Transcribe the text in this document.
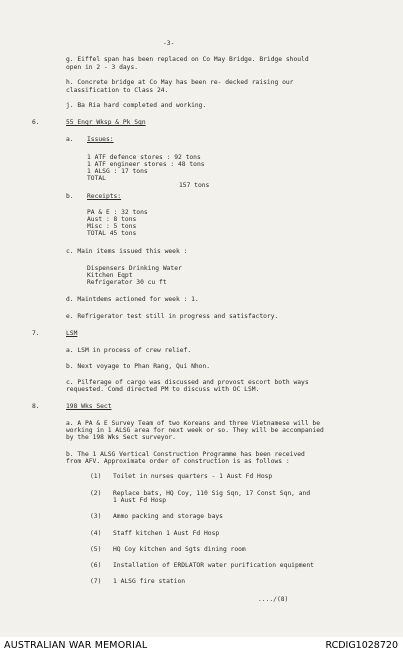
-3-
g. Eiffel span has been replaced on Co May Bridge. Bridge should
open in 2 - 3 days.
h. Concrete bridge at Co May has been re- decked raising our
classification to Class 24.
j. Ba Ria hard completed and working.
6.	55 Engr Wksp & Pk Sqn
a. Issues:
1 ATF defence stores : 92 tons
1 ATF engineer stores : 48 tons
1 ALSG : 17 tons
TOTAL
157 tons
b. Receipts:
PA & E : 32 tons
Aust : 8 tons
Misc : 5 tons
TOTAL 45 tons
c. Main items issued this week :
Dispensers Drinking Water
Kitchen Eqpt
Refrigerator 30 cu ft
d. Maintdems actioned for week : 1.
e. Refrigerator test still in progress and satisfactory.
7.	LSM
a. LSM in process of crew relief.
b. Next voyage to Phan Rang, Qui Nhon.
c. Pilferage of cargo was discussed and provost escort both ways
requested. Comd directed PM to discuss with OC LSM.
8.	198 Wks Sect
a. A PA & E Survey Team of two Koreans and three Vietnamese will be
working in 1 ALSG area for next week or so. They will be accompanied
by the 198 Wks Sect surveyor.
b. The 1 ALSG Vertical Construction Programme has been received
from AFV. Approximate order of construction is as follows :
(1) Toilet in nurses quarters - 1 Aust Fd Hosp
(2) Replace bats, HQ Coy, 110 Sig Sqn, 17 Const Sqn, and
1 Aust Fd Hosp
(3) Ammo packing and storage bays
(4) Staff kitchen 1 Aust Fd Hosp
(5) HQ Coy kitchen and Sgts dining room
(6) Installation of ERDLATOR water purification equipment
(7) 1 ALSG fire station
..../(8)
AUSTRALIAN WAR MEMORIAL	RCDIG1028720
